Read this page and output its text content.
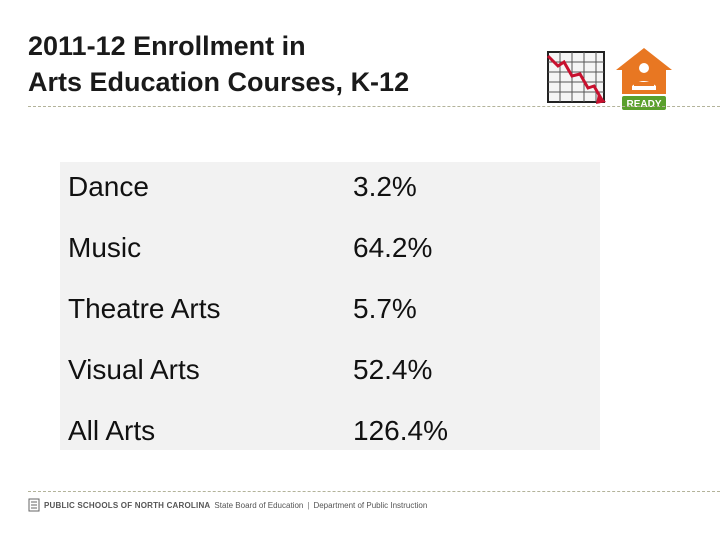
2011-12 Enrollment in
Arts Education Courses, K-12
READY
Dance	3.2%
Music	64.2%
Theatre Arts	5.7%
Visual Arts	52.4%
All Arts	126.4%
PUBLIC SCHOOLS OF NORTH CAROLINA State Board of Education | Department of Public Instruction
